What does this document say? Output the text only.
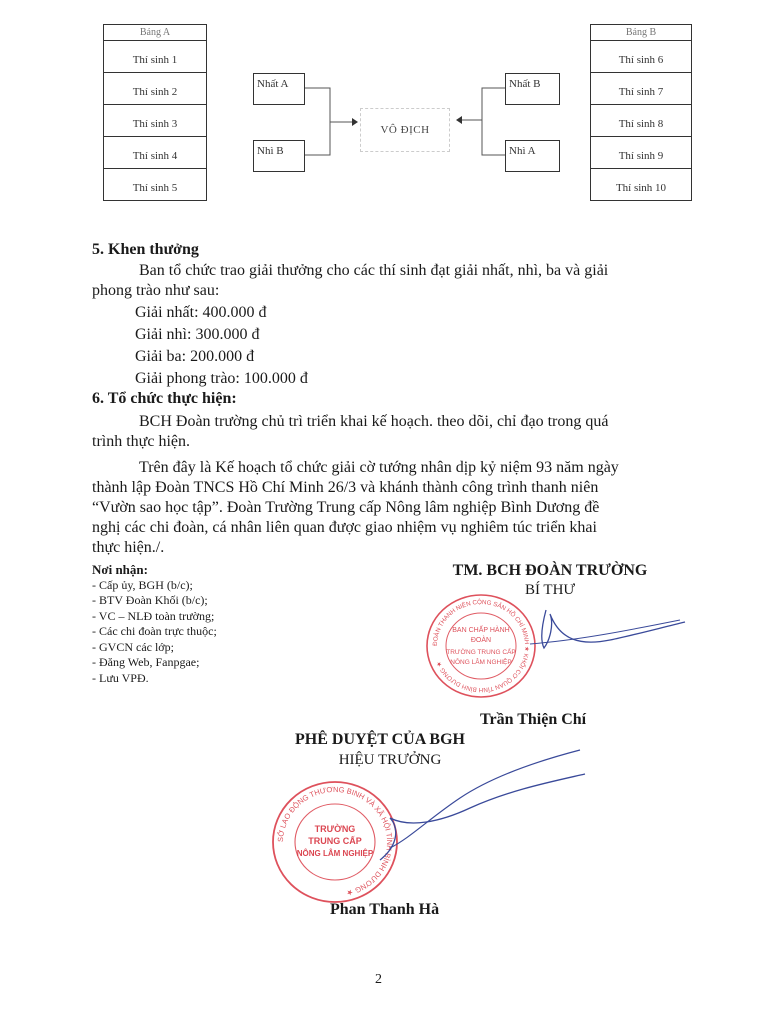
Bảng A
Thí sinh 1
Thí sinh 2
Thí sinh 3
Thí sinh 4
Thí sinh 5
Bảng B
Thí sinh 6
Thí sinh 7
Thí sinh 8
Thí sinh 9
Thí sinh 10
Nhất A
Nhì B
Nhất B
Nhì A
VÔ ĐỊCH
5. Khen thưởng
Ban tổ chức trao giải thưởng cho các thí sinh đạt giải nhất, nhì, ba và giải
phong trào như sau:
Giải nhất: 400.000 đ
Giải nhì: 300.000 đ
Giải ba: 200.000 đ
Giải phong trào: 100.000 đ
6. Tổ chức thực hiện:
BCH Đoàn trường chủ trì triển khai kế hoạch. theo dõi, chỉ đạo trong quá
trình thực hiện.
Trên đây là Kế hoạch tổ chức giải cờ tướng nhân dịp kỷ niệm 93 năm ngày
thành lập Đoàn TNCS Hồ Chí Minh 26/3 và khánh thành công trình thanh niên
“Vườn sao học tập”. Đoàn Trường Trung cấp Nông lâm nghiệp Bình Dương đề
nghị các chi đoàn, cá nhân liên quan được giao nhiệm vụ nghiêm túc triển khai
thực hiện./.
Nơi nhận:
- Cấp ủy, BGH (b/c);
- BTV Đoàn Khối (b/c);
- VC – NLĐ toàn trường;
- Các chi đoàn trực thuộc;
- GVCN các lớp;
- Đăng Web, Fanpgae;
- Lưu VPĐ.
TM. BCH ĐOÀN TRƯỜNG
BÍ THƯ
ĐOÀN THANH NIÊN CỘNG SẢN HỒ CHÍ MINH ★ KHỐI CƠ QUAN TỈNH BÌNH DƯƠNG ★
BAN CHẤP HÀNH
ĐOÀN
TRƯỜNG TRUNG CẤP
NÔNG LÂM NGHIỆP
Trần Thiện Chí
PHÊ DUYỆT CỦA BGH
HIỆU TRƯỞNG
SỞ LAO ĐỘNG THƯƠNG BINH VÀ XÃ HỘI TỈNH BÌNH DƯƠNG ★
TRƯỜNG
TRUNG CẤP
NÔNG LÂM NGHIỆP
Phan Thanh Hà
2
